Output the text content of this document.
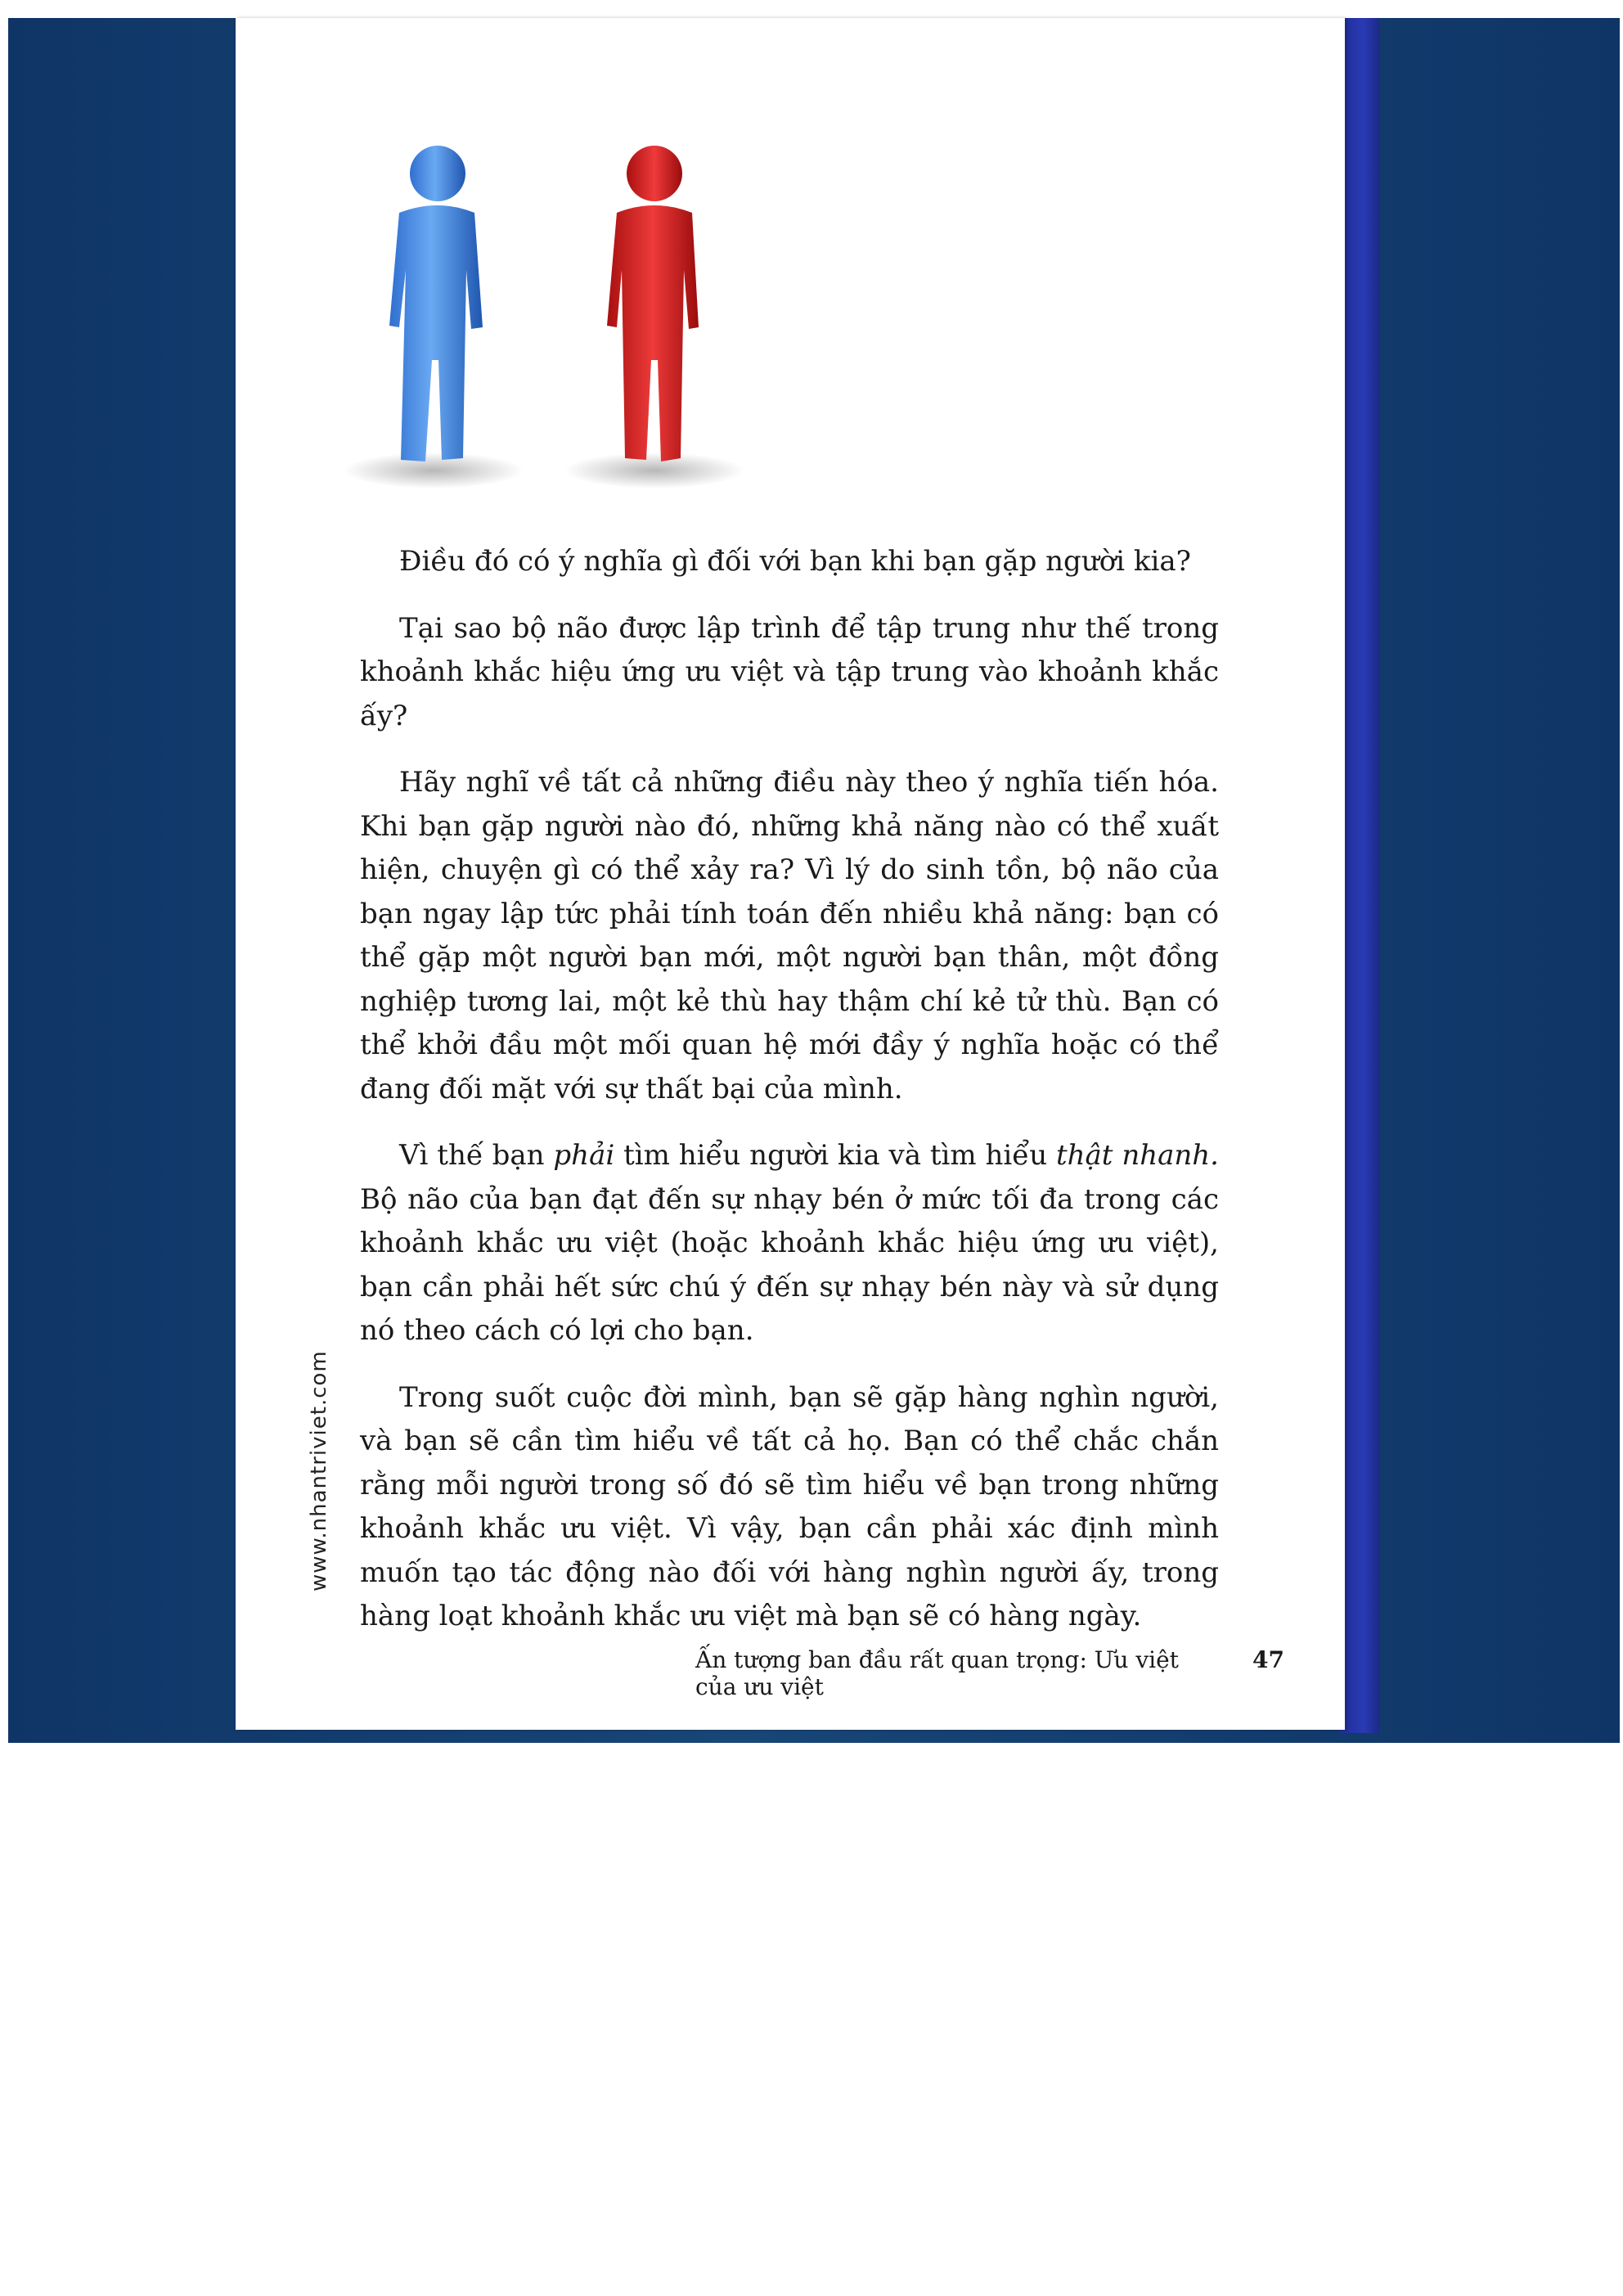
www.nhantriviet.com

Điều đó có ý nghĩa gì đối với bạn khi bạn gặp người kia?

Tại sao bộ não được lập trình để tập trung như thế trong khoảnh khắc hiệu ứng ưu việt và tập trung vào khoảnh khắc ấy?

Hãy nghĩ về tất cả những điều này theo ý nghĩa tiến hóa. Khi bạn gặp người nào đó, những khả năng nào có thể xuất hiện, chuyện gì có thể xảy ra? Vì lý do sinh tồn, bộ não của bạn ngay lập tức phải tính toán đến nhiều khả năng: bạn có thể gặp một người bạn mới, một người bạn thân, một đồng nghiệp tương lai, một kẻ thù hay thậm chí kẻ tử thù. Bạn có thể khởi đầu một mối quan hệ mới đầy ý nghĩa hoặc có thể đang đối mặt với sự thất bại của mình.

Vì thế bạn phải tìm hiểu người kia và tìm hiểu thật nhanh. Bộ não của bạn đạt đến sự nhạy bén ở mức tối đa trong các khoảnh khắc ưu việt (hoặc khoảnh khắc hiệu ứng ưu việt), bạn cần phải hết sức chú ý đến sự nhạy bén này và sử dụng nó theo cách có lợi cho bạn.

Trong suốt cuộc đời mình, bạn sẽ gặp hàng nghìn người, và bạn sẽ cần tìm hiểu về tất cả họ. Bạn có thể chắc chắn rằng mỗi người trong số đó sẽ tìm hiểu về bạn trong những khoảnh khắc ưu việt. Vì vậy, bạn cần phải xác định mình muốn tạo tác động nào đối với hàng nghìn người ấy, trong hàng loạt khoảnh khắc ưu việt mà bạn sẽ có hàng ngày.

Ấn tượng ban đầu rất quan trọng: Ưu việt của ưu việt
47
